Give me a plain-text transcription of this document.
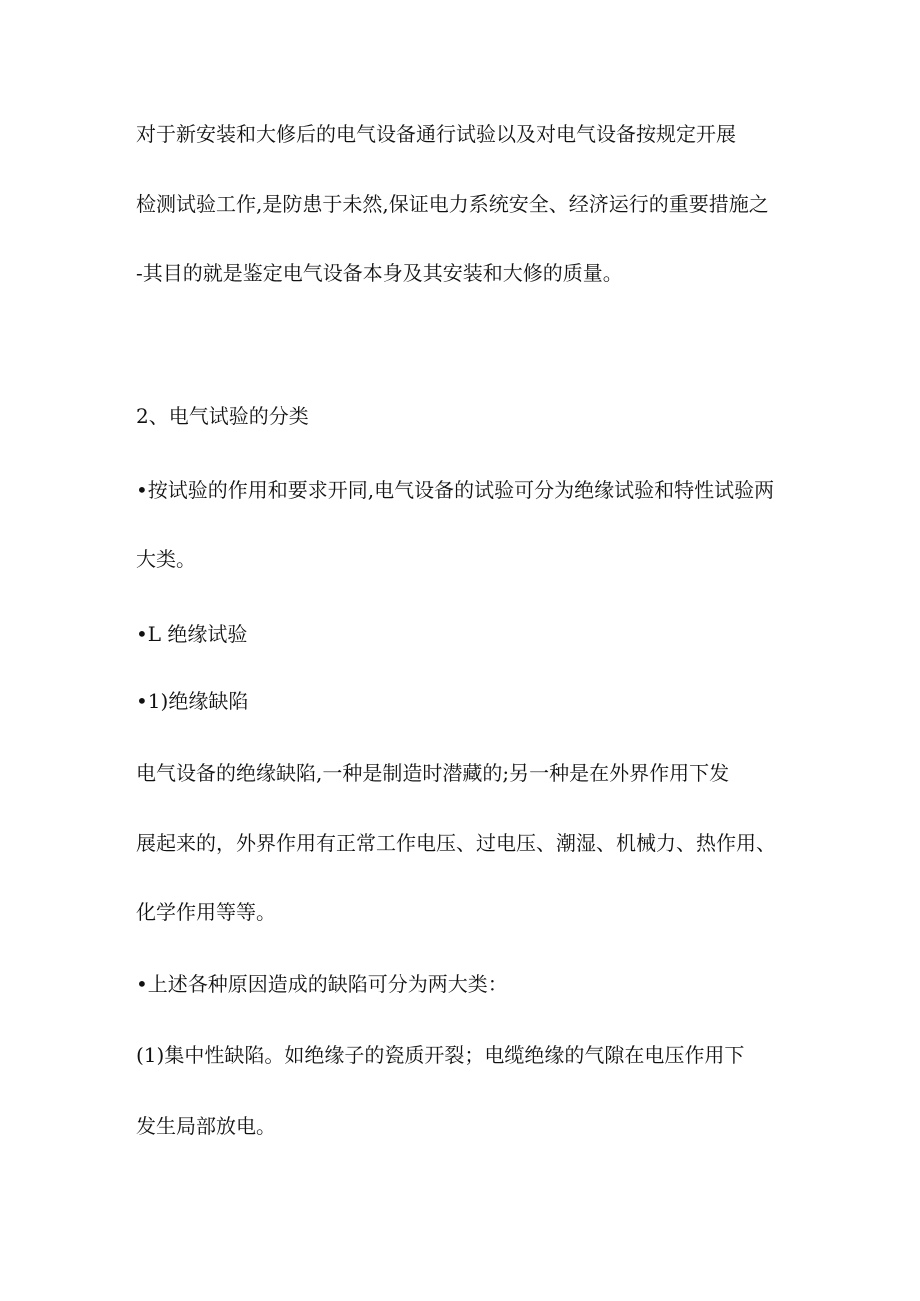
对于新安装和大修后的电气设备通行试验以及对电气设备按规定开展
检测试验工作,是防患于未然,保证电力系统安全、经济运行的重要措施之
-其目的就是鉴定电气设备本身及其安装和大修的质量。
2、电气试验的分类
•按试验的作用和要求开同,电气设备的试验可分为绝缘试验和特性试验两
大类。
•L 绝缘试验
•1)绝缘缺陷
电气设备的绝缘缺陷,一种是制造时潜藏的;另一种是在外界作用下发
展起来的，外界作用有正常工作电压、过电压、潮湿、机械力、热作用、
化学作用等等。
•上述各种原因造成的缺陷可分为两大类：
(1)集中性缺陷。如绝缘子的瓷质开裂；电缆绝缘的气隙在电压作用下
发生局部放电。
